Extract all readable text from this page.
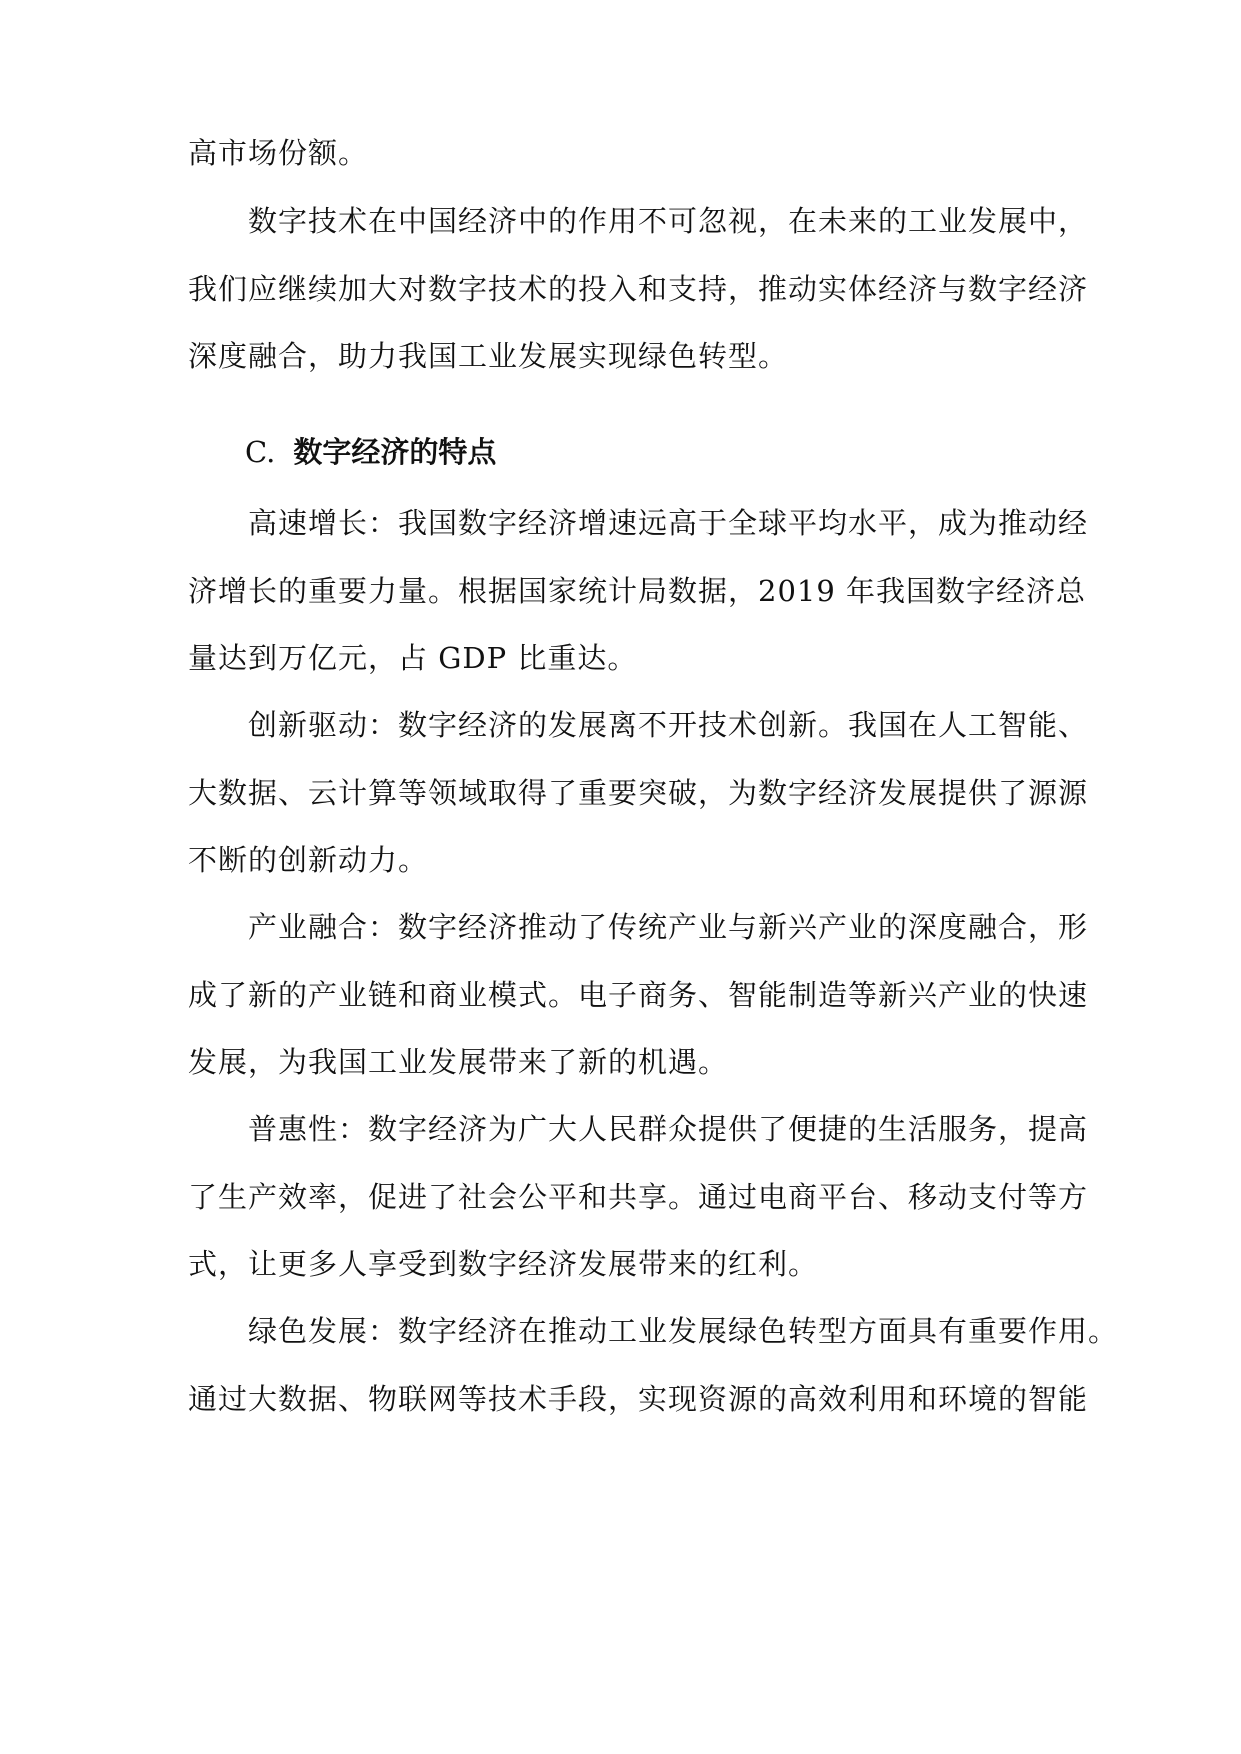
高市场份额。
数字技术在中国经济中的作用不可忽视，在未来的工业发展中，
我们应继续加大对数字技术的投入和支持，推动实体经济与数字经济
深度融合，助力我国工业发展实现绿色转型。
C. 数字经济的特点
高速增长：我国数字经济增速远高于全球平均水平，成为推动经
济增长的重要力量。根据国家统计局数据，2019 年我国数字经济总
量达到万亿元，占 GDP 比重达。
创新驱动：数字经济的发展离不开技术创新。我国在人工智能、
大数据、云计算等领域取得了重要突破，为数字经济发展提供了源源
不断的创新动力。
产业融合：数字经济推动了传统产业与新兴产业的深度融合，形
成了新的产业链和商业模式。电子商务、智能制造等新兴产业的快速
发展，为我国工业发展带来了新的机遇。
普惠性：数字经济为广大人民群众提供了便捷的生活服务，提高
了生产效率，促进了社会公平和共享。通过电商平台、移动支付等方
式，让更多人享受到数字经济发展带来的红利。
绿色发展：数字经济在推动工业发展绿色转型方面具有重要作用。
通过大数据、物联网等技术手段，实现资源的高效利用和环境的智能
